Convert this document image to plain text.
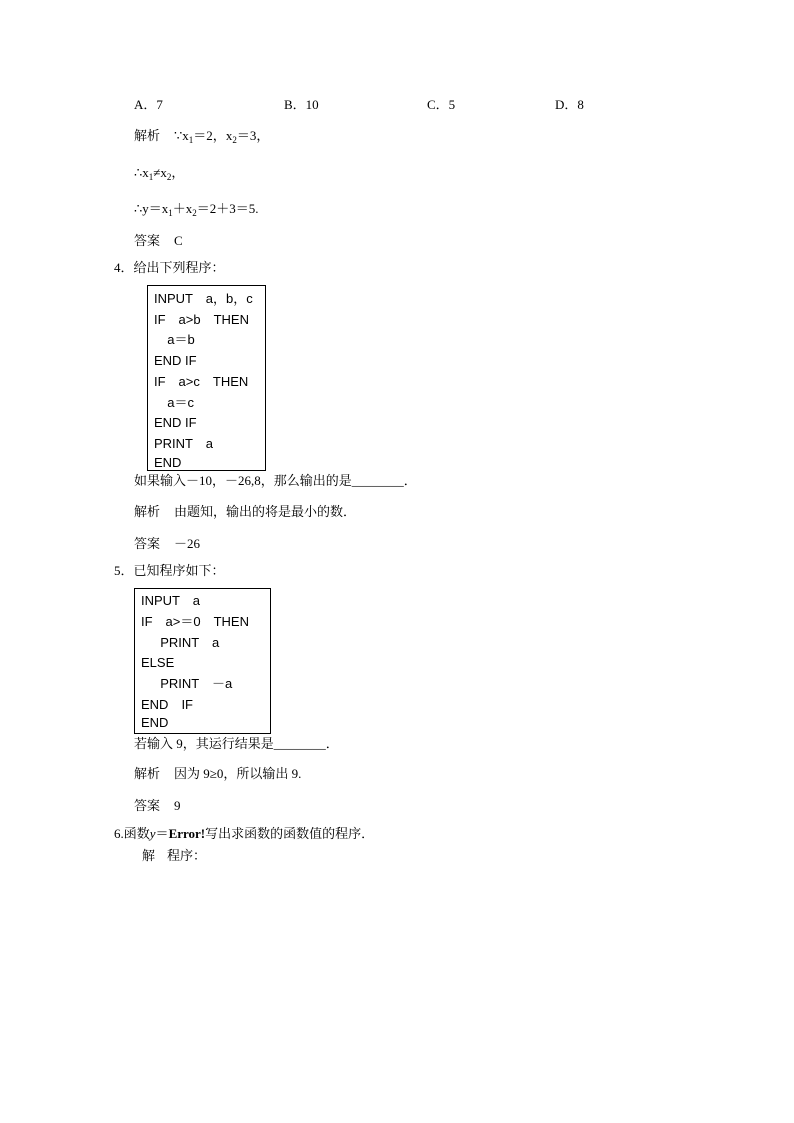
A．7	B．10	C．5	D．8
解析 $\because x_1=2$，$x_2=3$，
$\therefore x_1\ne x_2$，
$\therefore y=x_1+x_2=2+3=5$.
答案 C
4．给出下列程序：
INPUT　a，b，c
IF　a>b　THEN
a＝b
END IF
IF　a>c　THEN
a＝c
END IF
PRINT　a
END
如果输入－10，－26,8，那么输出的是________．
解析 由题知，输出的将是最小的数．
答案 －26
5．已知程序如下：
INPUT　a
IF　a>＝0　THEN
PRINT　a
ELSE
PRINT　－a
END　IF
END
若输入 9，其运行结果是________．
解析 因为 9≥0，所以输出 9.
答案 9
6.函数y＝Error!写出求函数的函数值的程序．
解 程序：
